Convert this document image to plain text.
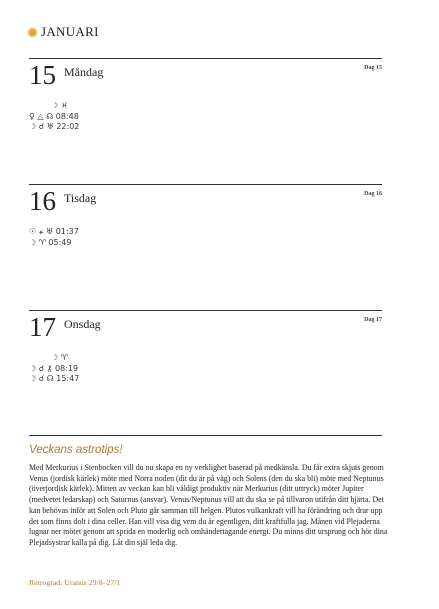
JANUARI
15 Måndag	Dag 15
☽ ♓
♀ △ ☊ 08:48
☽ ☌ ♅ 22:02
16 Tisdag	Dag 16
☉ ⚹ ♅ 01:37
☽ ♈ 05:49
17 Onsdag	Dag 17
☽ ♈
☽ ☌ ⚷ 08:19
☽ ☌ ☊ 15:47
Veckans astrotips!
Med Merkurius i Stenbocken vill du nu skapa en ny verklighet baserad på medkänsla. Du får extra skjuts genom Venus (jordisk kärlek) möte med Norra noden (dit du är på väg) och Solens (den du ska bli) möte med Neptunus (överjordisk kärlek). Mitten av veckan kan bli väldigt produktiv när Merkurius (ditt uttryck) möter Jupiter (medvetet ledarskap) och Saturnus (ansvar). Venus/Neptunus vill att du ska se på tillvaron utifrån ditt hjärta. Det kan behövas inför att Solen och Pluto går samman till helgen. Plutos vulkankraft vill ha förändring och drar upp det som finns dolt i dina celler. Han vill visa dig vem du är egentligen, ditt kraftfulla jag. Månen vid Plejaderna lugnar ner mötet genom att sprida en moderlig och omhändertagande energi. Du minns ditt ursprung och hör dina Plejadsystrar kalla på dig. Låt din själ leda dig.
Retrograd: Uranus 29/8–27/1
